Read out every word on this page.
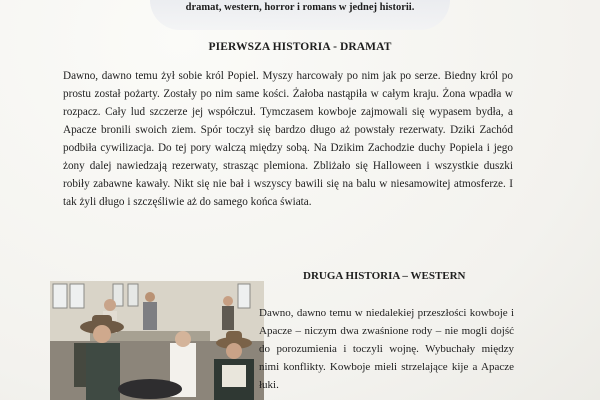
dramat, western, horror i romans w jednej historii.
PIERWSZA HISTORIA - DRAMAT
Dawno, dawno temu żył sobie król Popiel. Myszy harcowały po nim jak po serze. Biedny król po prostu został pożarty. Zostały po nim same kości. Żałoba nastąpiła w całym kraju. Żona wpadła w rozpacz. Cały lud szczerze jej współczuł. Tymczasem kowboje zajmowali się wypasem bydła, a Apacze bronili swoich ziem. Spór toczył się bardzo długo aż powstały rezerwaty. Dziki Zachód podbiła cywilizacja. Do tej pory walczą między sobą. Na Dzikim Zachodzie duchy Popiela i jego żony dalej nawiedzają rezerwaty, strasząc plemiona. Zbliżało się Halloween i wszystkie duszki robiły zabawne kawały. Nikt się nie bał i wszyscy bawili się na balu w niesamowitej atmosferze. I tak żyli długo i szczęśliwie aż do samego końca świata.
DRUGA HISTORIA – WESTERN
Dawno, dawno temu w niedalekiej przeszłości kowboje i Apacze – niczym dwa zwaśnione rody – nie mogli dojść do porozumienia i toczyli wojnę. Wybuchały między nimi konflikty. Kowboje mieli strzelające kije a Apacze łuki.
